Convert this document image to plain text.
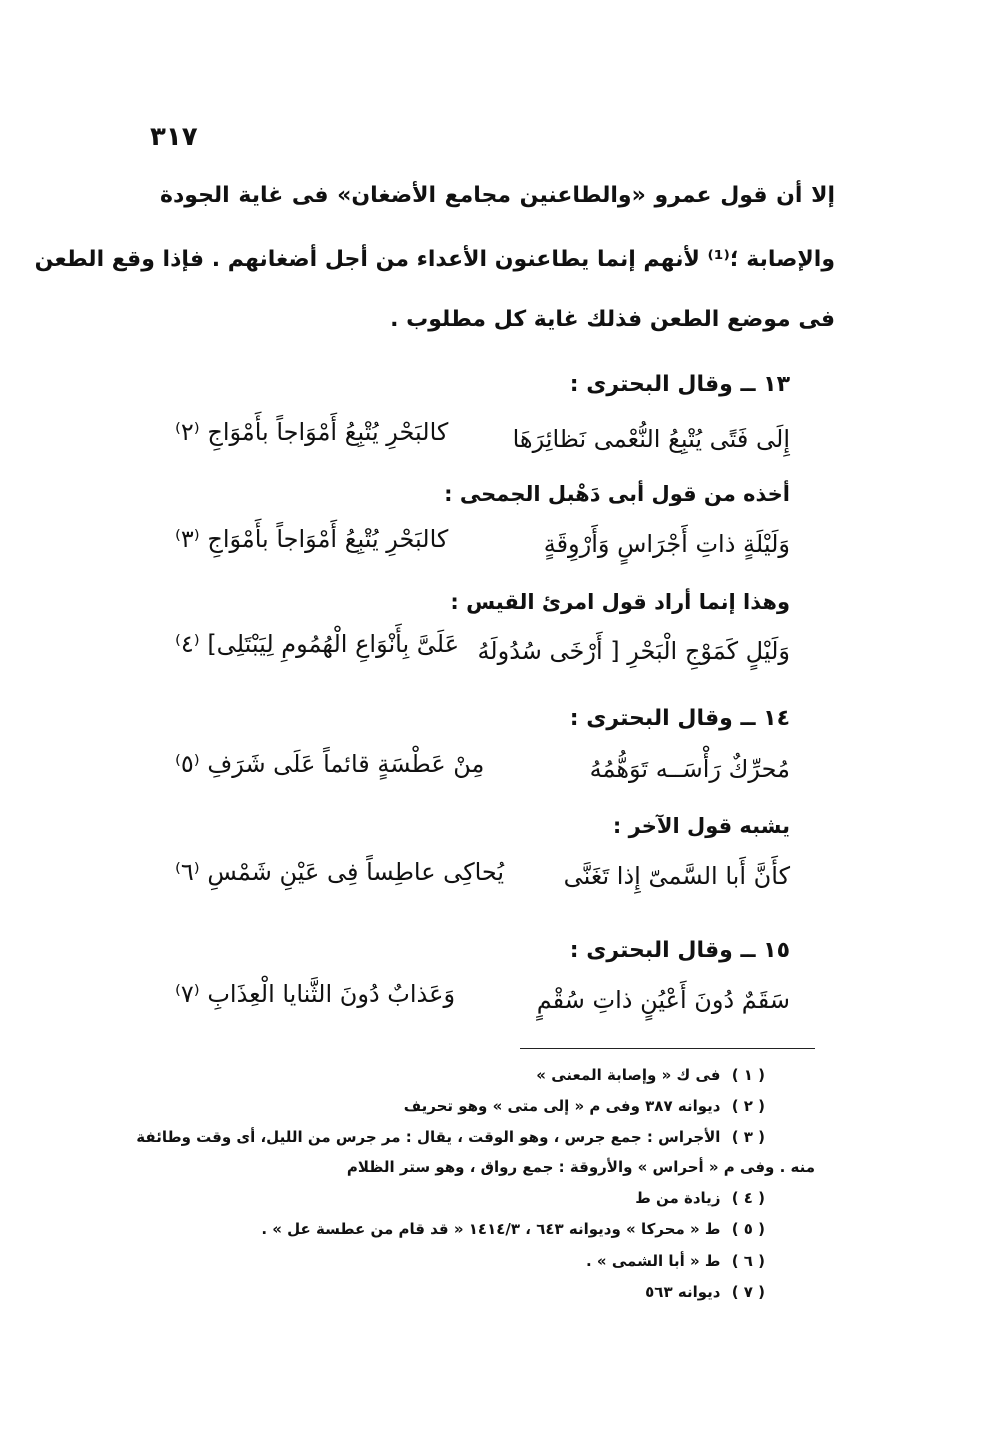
٣١٧
إلا أن قول عمرو «والطاعنين مجامع الأضغان» فى غاية الجودة
والإصابة ؛⁽¹⁾ لأنهم إنما يطاعنون الأعداء من أجل أضغانهم . فإذا وقع الطعن
فى موضع الطعن فذلك غاية كل مطلوب .
١٣ ــ وقال البحترى :
إِلَى فَتًى يُتْبِعُ النُّعْمى نَظائِرَهَا
كالبَحْرِ يُتْبِعُ أَمْوَاجاً بأَمْوَاجِ ⁽٢⁾
أخذه من قول أبى دَهْبل الجمحى :
وَلَيْلَةٍ ذاتِ أَجْرَاسٍ وَأَرْوِقَةٍ
كالبَحْرِ يُتْبِعُ أَمْوَاجاً بأَمْوَاجِ ⁽٣⁾
وهذا إنما أراد قول امرئ القيس :
وَلَيْلٍ كَمَوْجِ الْبَحْرِ [ أَرْخَى سُدُولَهُ
عَلَىَّ بِأَنْوَاعِ الْهُمُومِ لِيَبْتَلِى] ⁽٤⁾
١٤ ــ وقال البحترى :
مُحرِّكٌ رَأْسَــه تَوَهُّمُهُ
مِنْ عَطْسَةٍ قائماً عَلَى شَرَفِ ⁽٥⁾
يشبه قول الآخر :
كأَنَّ أَبا السَّمىّ إِذا تَغَنَّى
يُحاكِى عاطِساً فِى عَيْنِ شَمْسِ ⁽٦⁾
١٥ ــ وقال البحترى :
سَقَمٌ دُونَ أَعْيُنٍ ذاتِ سُقْمٍ
وَعَذابٌ دُونَ الثَّنايا الْعِذَابِ ⁽٧⁾
( ١ ) فى ك « وإصابة المعنى »
( ٢ ) ديوانه ٣٨٧ وفى م « إلى متى » وهو تحريف
( ٣ ) الأجراس : جمع جرس ، وهو الوقت ، يقال : مر جرس من الليل، أى وقت وطائفة
منه . وفى م « أحراس » والأروقة : جمع رواق ، وهو ستر الظلام
( ٤ ) زيادة من ط
( ٥ ) ط « محركا » وديوانه ٦٤٣ ، ١٤١٤/٣ « قد قام من عطسة عل » .
( ٦ ) ط « أبا الشمى » .
( ٧ ) ديوانه ٥٦٣
